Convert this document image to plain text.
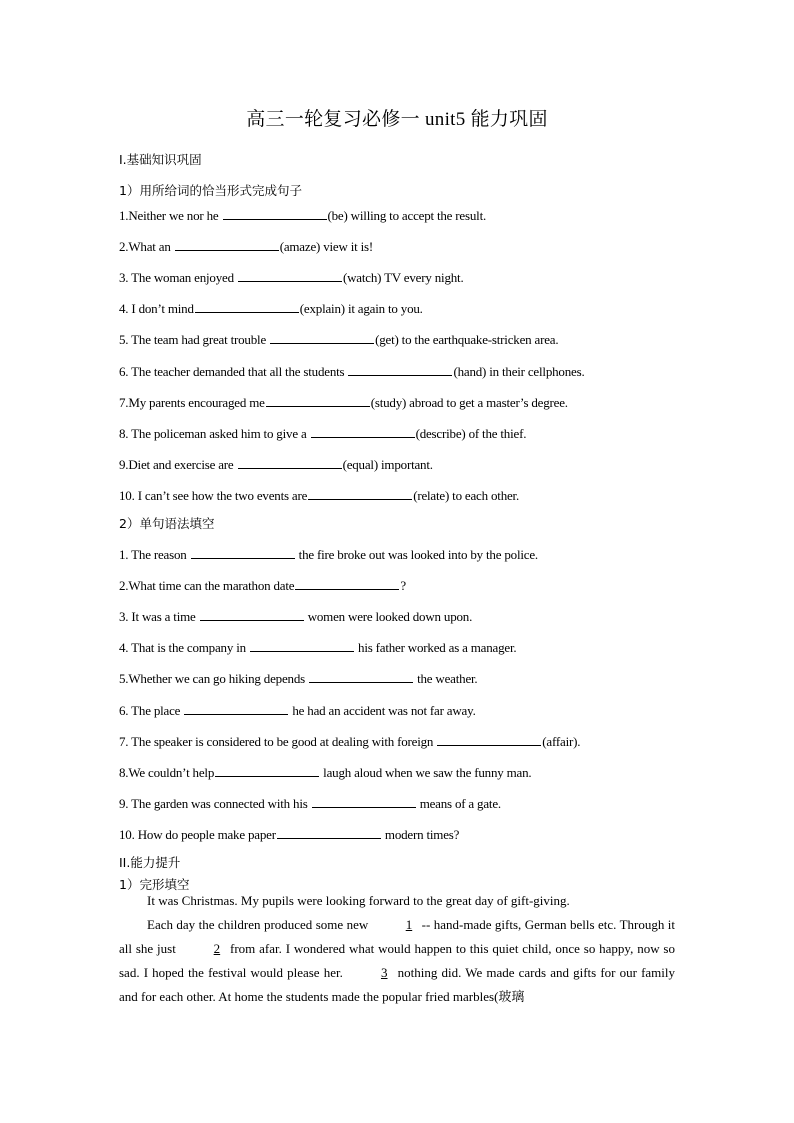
高三一轮复习必修一 unit5 能力巩固
Ⅰ.基础知识巩固
1）用所给词的恰当形式完成句子
1.Neither we nor he	(be) willing to accept the result.
2.What an	(amaze) view it is!
3. The woman enjoyed	(watch) TV every night.
4. I don’t mind	(explain) it again to you.
5. The team had great trouble	(get) to the earthquake-stricken area.
6. The teacher demanded that all the students	(hand) in their cellphones.
7.My parents encouraged me	(study) abroad to get a master’s degree.
8. The policeman asked him to give a	(describe) of the thief.
9.Diet and exercise are	(equal) important.
10. I can’t see how the two events are	(relate) to each other.
2）单句语法填空
1. The reason	the fire broke out was looked into by the police.
2.What time can the marathon date	?
3. It was a time	women were looked down upon.
4. That is the company in	his father worked as a manager.
5.Whether we can go hiking depends	the weather.
6. The place	he had an accident was not far away.
7. The speaker is considered to be good at dealing with foreign	(affair).
8.We couldn’t help	laugh aloud when we saw the funny man.
9. The garden was connected with his	means of a gate.
10. How do people make paper	modern times?
II.能力提升
1）完形填空

It was Christmas. My pupils were looking forward to the great day of gift-giving.

Each day the children produced some new	1 -- hand-made gifts, German bells etc. Through it all she just	2 from afar. I wondered what would happen to this quiet child, once so happy, now so sad. I hoped the festival would please her.	3 nothing did. We made cards and gifts for our family and for each other. At home the students made the popular fried marbles(玻璃
